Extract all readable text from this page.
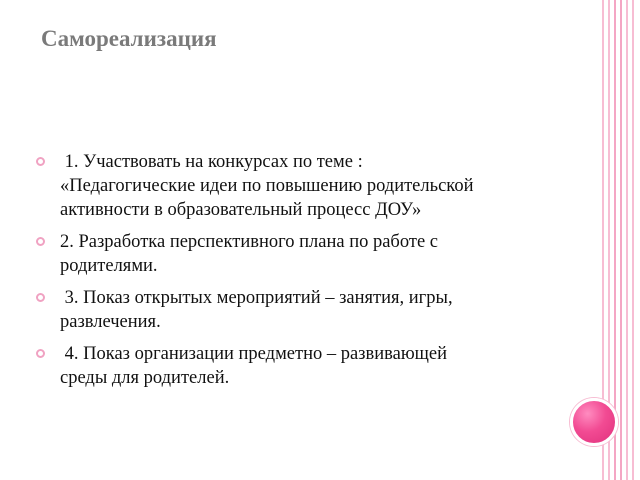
Самореализация
1. Участвовать на конкурсах по теме :
«Педагогические идеи по повышению родительской
активности в образовательный процесс ДОУ»
2. Разработка перспективного плана по работе с
родителями.
3. Показ открытых мероприятий – занятия, игры,
развлечения.
4. Показ организации предметно – развивающей
среды для родителей.
